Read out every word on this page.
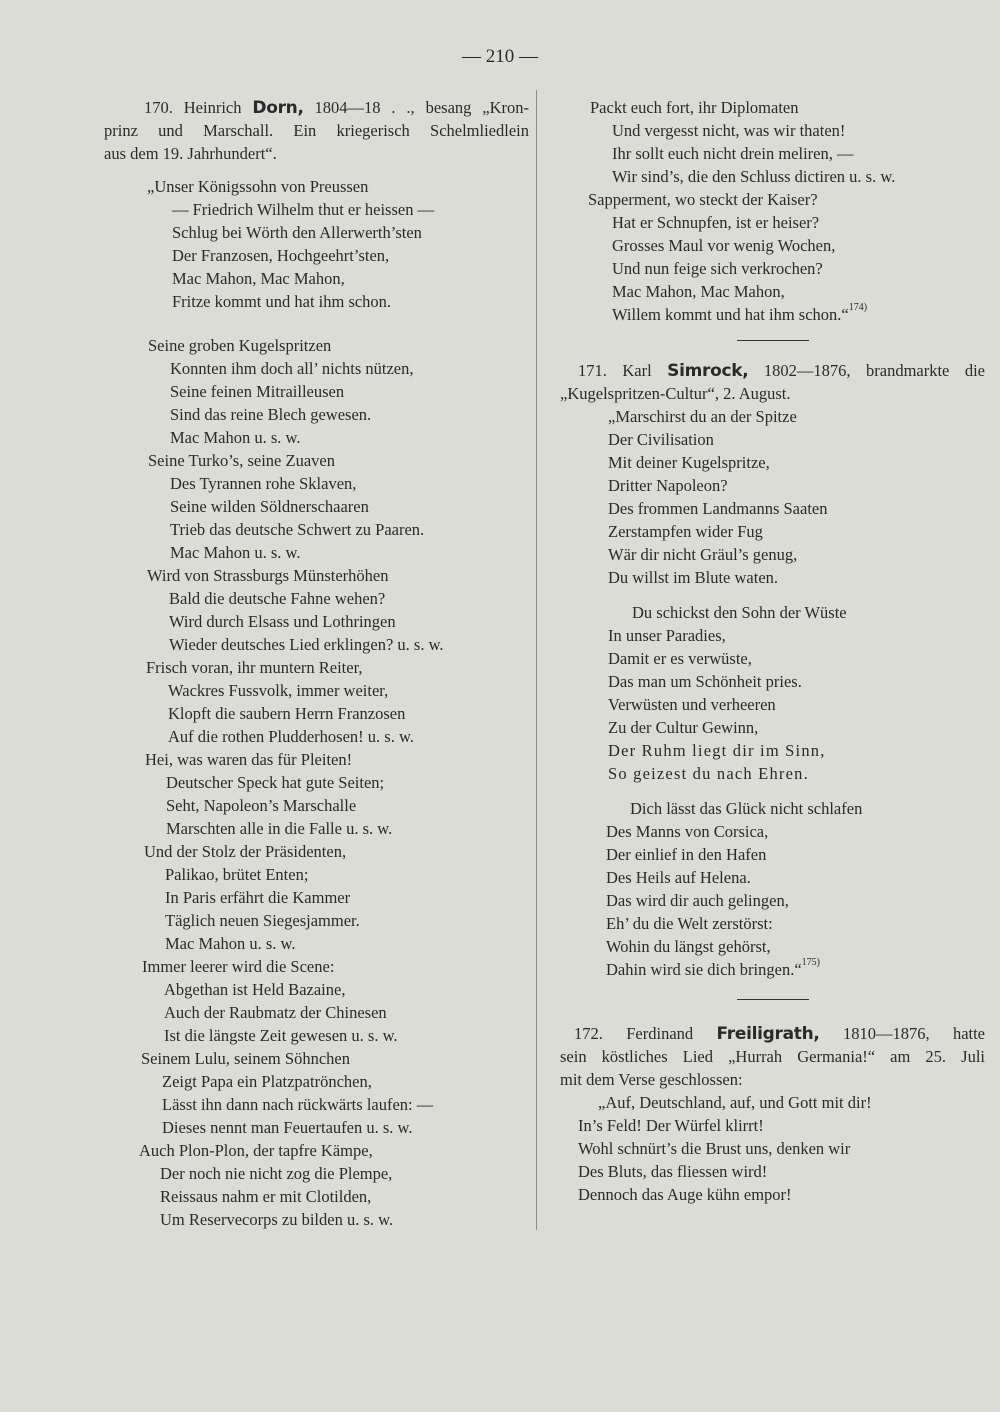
— 210 —
170. Heinrich Dorn, 1804—18 . ., besang „Kron-
prinz und Marschall. Ein kriegerisch Schelmliedlein
aus dem 19. Jahrhundert“.
„Unser Königssohn von Preussen
— Friedrich Wilhelm thut er heissen —
Schlug bei Wörth den Allerwerth’sten
Der Franzosen, Hochgeehrt’sten,
Mac Mahon, Mac Mahon,
Fritze kommt und hat ihm schon.
Seine groben Kugelspritzen
Konnten ihm doch all’ nichts nützen,
Seine feinen Mitrailleusen
Sind das reine Blech gewesen.
Mac Mahon u. s. w.
Seine Turko’s, seine Zuaven
Des Tyrannen rohe Sklaven,
Seine wilden Söldnerschaaren
Trieb das deutsche Schwert zu Paaren.
Mac Mahon u. s. w.
Wird von Strassburgs Münsterhöhen
Bald die deutsche Fahne wehen?
Wird durch Elsass und Lothringen
Wieder deutsches Lied erklingen? u. s. w.
Frisch voran, ihr muntern Reiter,
Wackres Fussvolk, immer weiter,
Klopft die saubern Herrn Franzosen
Auf die rothen Pludderhosen! u. s. w.
Hei, was waren das für Pleiten!
Deutscher Speck hat gute Seiten;
Seht, Napoleon’s Marschalle
Marschten alle in die Falle u. s. w.
Und der Stolz der Präsidenten,
Palikao, brütet Enten;
In Paris erfährt die Kammer
Täglich neuen Siegesjammer.
Mac Mahon u. s. w.
Immer leerer wird die Scene:
Abgethan ist Held Bazaine,
Auch der Raubmatz der Chinesen
Ist die längste Zeit gewesen u. s. w.
Seinem Lulu, seinem Söhnchen
Zeigt Papa ein Platzpatrönchen,
Lässt ihn dann nach rückwärts laufen: —
Dieses nennt man Feuertaufen u. s. w.
Auch Plon-Plon, der tapfre Kämpe,
Der noch nie nicht zog die Plempe,
Reissaus nahm er mit Clotilden,
Um Reservecorps zu bilden u. s. w.
Packt euch fort, ihr Diplomaten
Und vergesst nicht, was wir thaten!
Ihr sollt euch nicht drein meliren, —
Wir sind’s, die den Schluss dictiren u. s. w.
Sapperment, wo steckt der Kaiser?
Hat er Schnupfen, ist er heiser?
Grosses Maul vor wenig Wochen,
Und nun feige sich verkrochen?
Mac Mahon, Mac Mahon,
Willem kommt und hat ihm schon.“$^{174)}$
171. Karl Simrock, 1802—1876, brandmarkte die
„Kugelspritzen-Cultur“, 2. August.
„Marschirst du an der Spitze
Der Civilisation
Mit deiner Kugelspritze,
Dritter Napoleon?
Des frommen Landmanns Saaten
Zerstampfen wider Fug
Wär dir nicht Gräul’s genug,
Du willst im Blute waten.
Du schickst den Sohn der Wüste
In unser Paradies,
Damit er es verwüste,
Das man um Schönheit pries.
Verwüsten und verheeren
Zu der Cultur Gewinn,
Der Ruhm liegt dir im Sinn,
So geizest du nach Ehren.
Dich lässt das Glück nicht schlafen
Des Manns von Corsica,
Der einlief in den Hafen
Des Heils auf Helena.
Das wird dir auch gelingen,
Eh’ du die Welt zerstörst:
Wohin du längst gehörst,
Dahin wird sie dich bringen.“$^{175)}$
172. Ferdinand Freiligrath, 1810—1876, hatte
sein köstliches Lied „Hurrah Germania!“ am 25. Juli
mit dem Verse geschlossen:
„Auf, Deutschland, auf, und Gott mit dir!
In’s Feld! Der Würfel klirrt!
Wohl schnürt’s die Brust uns, denken wir
Des Bluts, das fliessen wird!
Dennoch das Auge kühn empor!
